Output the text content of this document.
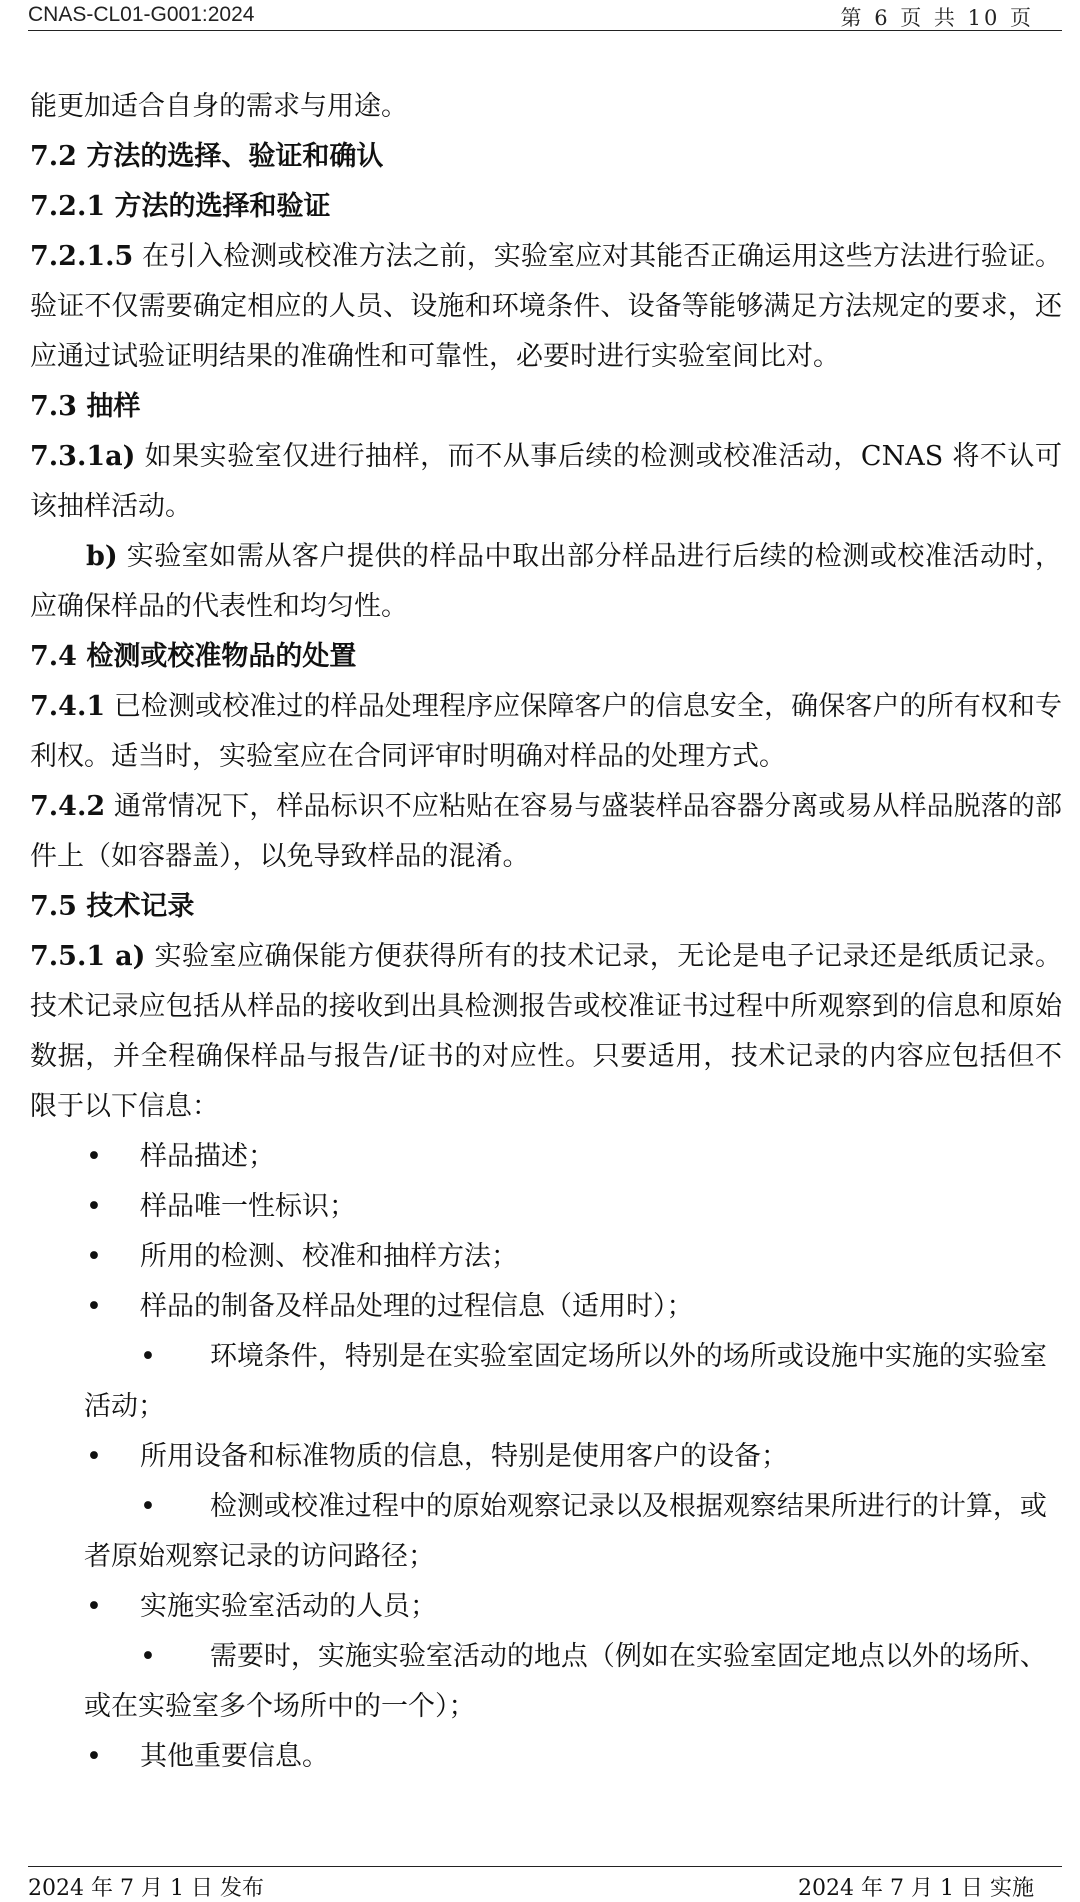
CNAS-CL01-G001:2024	第 6 页 共 10 页

能更加适合自身的需求与用途。

7.2 方法的选择、验证和确认

7.2.1 方法的选择和验证

7.2.1.5 在引入检测或校准方法之前，实验室应对其能否正确运用这些方法进行验证。验证不仅需要确定相应的人员、设施和环境条件、设备等能够满足方法规定的要求，还应通过试验证明结果的准确性和可靠性，必要时进行实验室间比对。

7.3 抽样

7.3.1a) 如果实验室仅进行抽样，而不从事后续的检测或校准活动，CNAS 将不认可该抽样活动。

b) 实验室如需从客户提供的样品中取出部分样品进行后续的检测或校准活动时，应确保样品的代表性和均匀性。

7.4 检测或校准物品的处置

7.4.1 已检测或校准过的样品处理程序应保障客户的信息安全，确保客户的所有权和专利权。适当时，实验室应在合同评审时明确对样品的处理方式。

7.4.2 通常情况下，样品标识不应粘贴在容易与盛装样品容器分离或易从样品脱落的部件上（如容器盖），以免导致样品的混淆。

7.5 技术记录

7.5.1 a) 实验室应确保能方便获得所有的技术记录，无论是电子记录还是纸质记录。技术记录应包括从样品的接收到出具检测报告或校准证书过程中所观察到的信息和原始数据，并全程确保样品与报告/证书的对应性。只要适用，技术记录的内容应包括但不限于以下信息：

• 样品描述；
• 样品唯一性标识；
• 所用的检测、校准和抽样方法；
• 样品的制备及样品处理的过程信息（适用时）；
•　　 环境条件，特别是在实验室固定场所以外的场所或设施中实施的实验室活动；
• 所用设备和标准物质的信息，特别是使用客户的设备；
•　　 检测或校准过程中的原始观察记录以及根据观察结果所进行的计算，或者原始观察记录的访问路径；
• 实施实验室活动的人员；
•　　 需要时，实施实验室活动的地点（例如在实验室固定地点以外的场所、或在实验室多个场所中的一个）；
• 其他重要信息。
2024 年 7 月 1 日 发布	2024 年 7 月 1 日 实施
